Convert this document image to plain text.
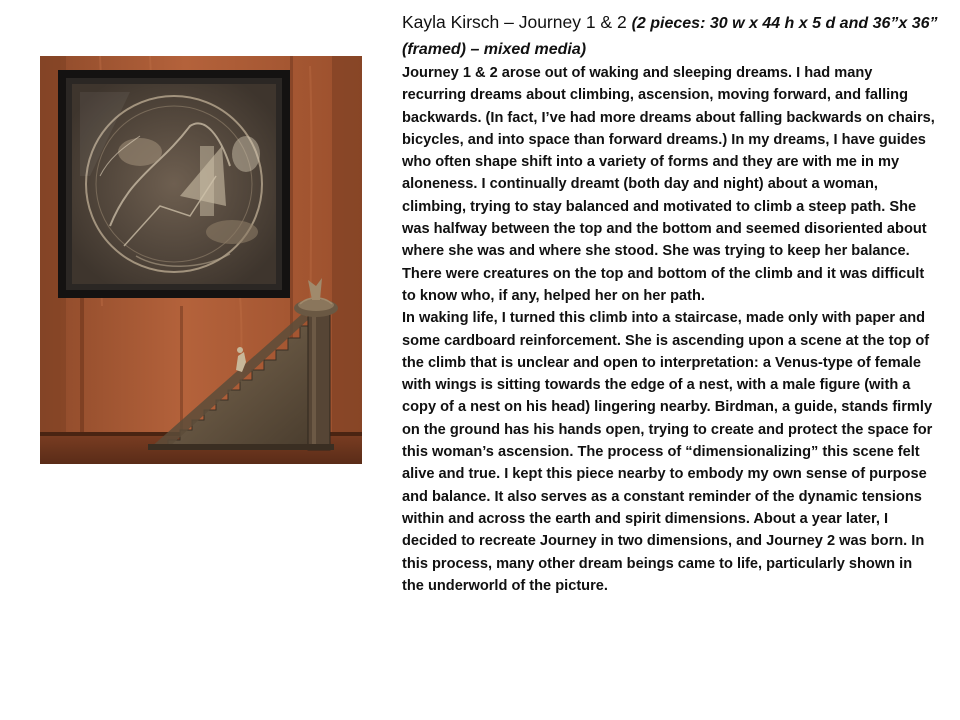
Kayla Kirsch – Journey 1 & 2 (2 pieces: 30 w x 44 h x 5 d and 36”x 36” (framed) – mixed media)

Journey 1 & 2 arose out of waking and sleeping dreams. I had many recurring dreams about climbing, ascension, moving forward, and falling backwards. (In fact, I’ve had more dreams about falling backwards on chairs, bicycles, and into space than forward dreams.) In my dreams, I have guides who often shape shift into a variety of forms and they are with me in my aloneness. I continually dreamt (both day and night) about a woman, climbing, trying to stay balanced and motivated to climb a steep path. She was halfway between the top and the bottom and seemed disoriented about where she was and where she stood. She was trying to keep her balance. There were creatures on the top and bottom of the climb and it was difficult to know who, if any, helped her on her path.

In waking life, I turned this climb into a staircase, made only with paper and some cardboard reinforcement. She is ascending upon a scene at the top of the climb that is unclear and open to interpretation: a Venus-type of female with wings is sitting towards the edge of a nest, with a male figure (with a copy of a nest on his head) lingering nearby. Birdman, a guide, stands firmly on the ground has his hands open, trying to create and protect the space for this woman’s ascension. The process of “dimensionalizing” this scene felt alive and true. I kept this piece nearby to embody my own sense of purpose and balance. It also serves as a constant reminder of the dynamic tensions within and across the earth and spirit dimensions. About a year later, I decided to recreate Journey in two dimensions, and Journey 2 was born. In this process, many other dream beings came to life, particularly shown in the underworld of the picture.
